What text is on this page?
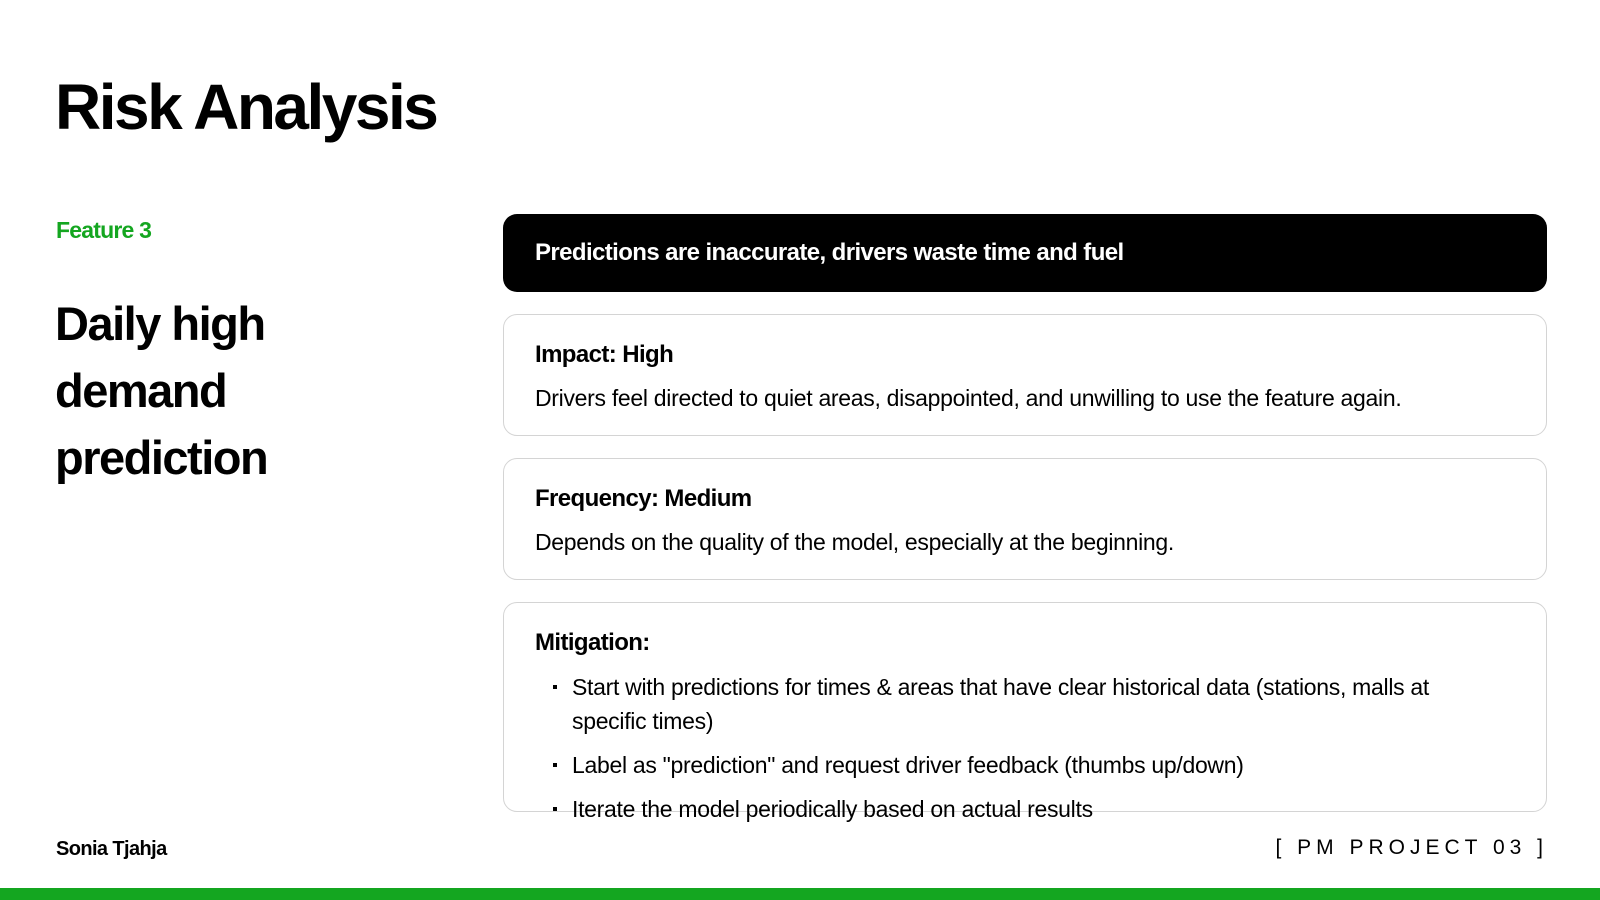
Risk Analysis
Feature 3
Daily high demand prediction
Predictions are inaccurate, drivers waste time and fuel
Impact: High
Drivers feel directed to quiet areas, disappointed, and unwilling to use the feature again.
Frequency: Medium
Depends on the quality of the model, especially at the beginning.
Mitigation:
Start with predictions for times & areas that have clear historical data (stations, malls at specific times)
Label as "prediction" and request driver feedback (thumbs up/down)
Iterate the model periodically based on actual results
Sonia Tjahja	[ PM PROJECT 03 ]
